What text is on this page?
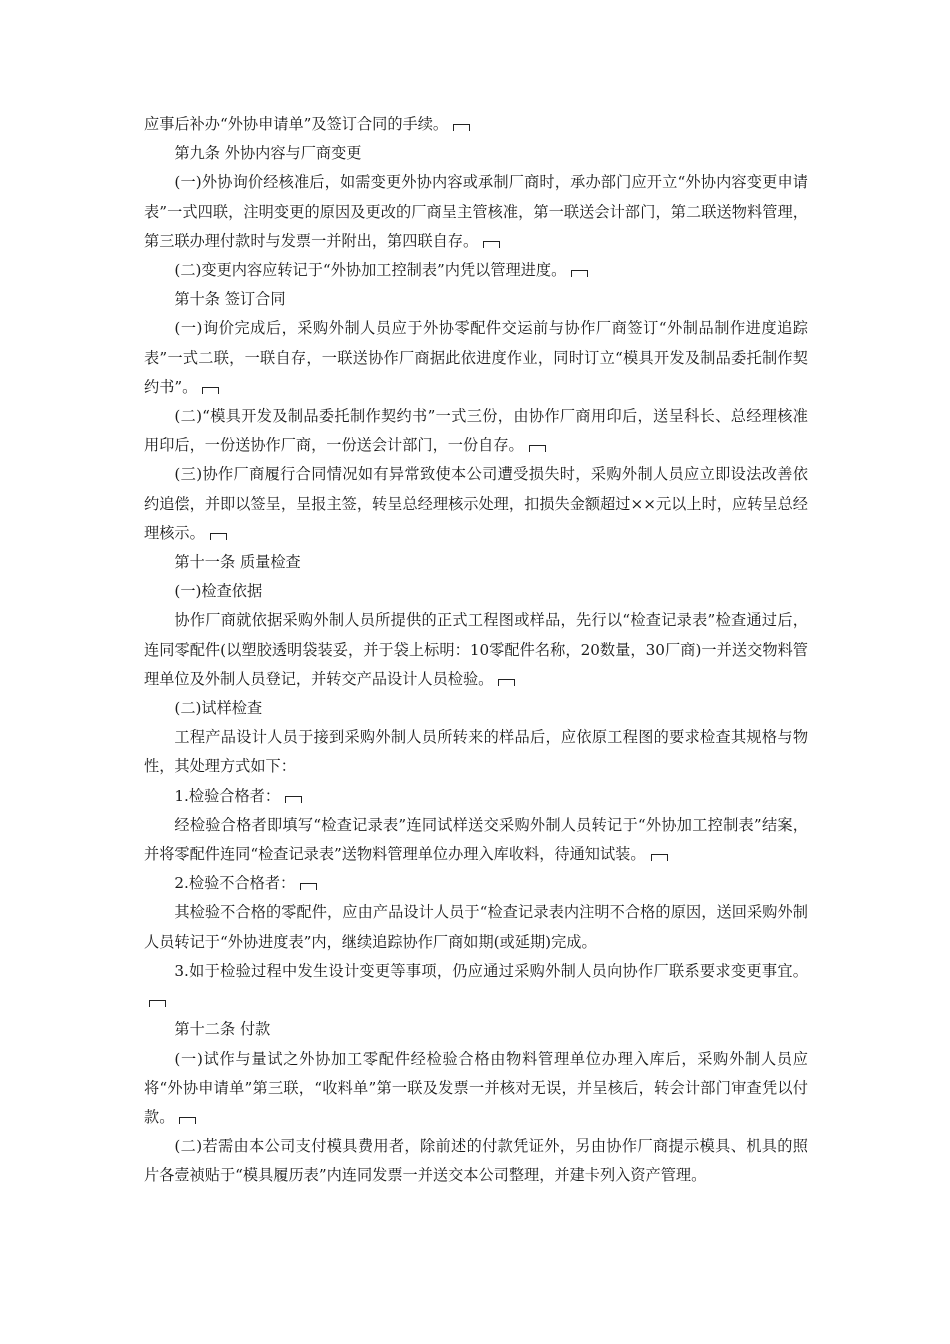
应事后补办“外协申请单”及签订合同的手续。

第九条 外协内容与厂商变更

(一)外协询价经核准后，如需变更外协内容或承制厂商时，承办部门应开立“外协内容变更申请表”一式四联，注明变更的原因及更改的厂商呈主管核准，第一联送会计部门，第二联送物料管理，第三联办理付款时与发票一并附出，第四联自存。

(二)变更内容应转记于“外协加工控制表”内凭以管理进度。

第十条 签订合同

(一)询价完成后，采购外制人员应于外协零配件交运前与协作厂商签订“外制品制作进度追踪表”一式二联，一联自存，一联送协作厂商据此依进度作业，同时订立“模具开发及制品委托制作契约书”。

(二)“模具开发及制品委托制作契约书”一式三份，由协作厂商用印后，送呈科长、总经理核准用印后，一份送协作厂商，一份送会计部门，一份自存。

(三)协作厂商履行合同情况如有异常致使本公司遭受损失时，采购外制人员应立即设法改善依约追偿，并即以签呈，呈报主签，转呈总经理核示处理，扣损失金额超过××元以上时，应转呈总经理核示。

第十一条 质量检查

(一)检查依据

协作厂商就依据采购外制人员所提供的正式工程图或样品，先行以“检查记录表”检查通过后，连同零配件(以塑胶透明袋装妥，并于袋上标明：10零配件名称，20数量，30厂商)一并送交物料管理单位及外制人员登记，并转交产品设计人员检验。

(二)试样检查

工程产品设计人员于接到采购外制人员所转来的样品后，应依原工程图的要求检查其规格与物性，其处理方式如下：

1.检验合格者：

经检验合格者即填写“检查记录表”连同试样送交采购外制人员转记于“外协加工控制表”结案，并将零配件连同“检查记录表”送物料管理单位办理入库收料，待通知试装。

2.检验不合格者：

其检验不合格的零配件，应由产品设计人员于“检查记录表内注明不合格的原因，送回采购外制人员转记于“外协进度表”内，继续追踪协作厂商如期(或延期)完成。

3.如于检验过程中发生设计变更等事项，仍应通过采购外制人员向协作厂联系要求变更事宜。

第十二条 付款

(一)试作与量试之外协加工零配件经检验合格由物料管理单位办理入库后，采购外制人员应将“外协申请单”第三联，“收料单”第一联及发票一并核对无误，并呈核后，转会计部门审查凭以付款。

(二)若需由本公司支付模具费用者，除前述的付款凭证外，另由协作厂商提示模具、机具的照片各壹祯贴于“模具履历表”内连同发票一并送交本公司整理，并建卡列入资产管理。
